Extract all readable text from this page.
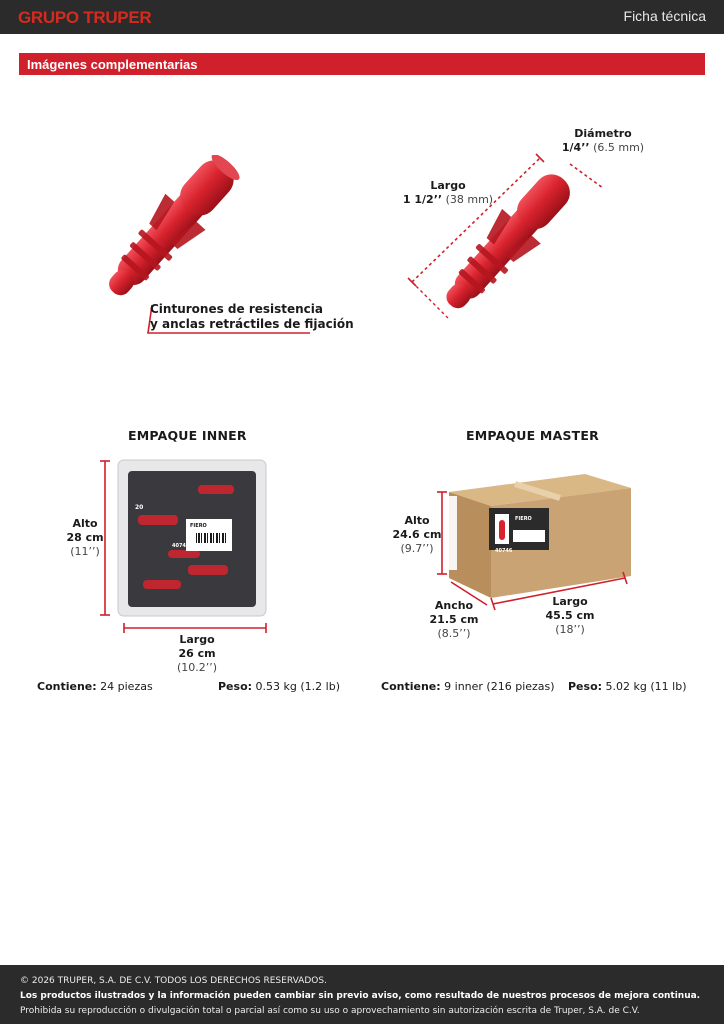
GRUPO TRUPER	Ficha técnica
Imágenes complementarias
Cinturones de resistencia
y anclas retráctiles de fijación
Diámetro
1/4’’ (6.5 mm)
Largo
1 1/2’’ (38 mm)
EMPAQUE INNER
FIERO
40746
20
Alto
28 cm
(11’’)
Largo
26 cm
(10.2’’)
Contiene: 24 piezas	Peso: 0.53 kg (1.2 lb)
EMPAQUE MASTER
FIERO
40746
Alto
24.6 cm
(9.7’’)
Ancho
21.5 cm
(8.5’’)
Largo
45.5 cm
(18’’)
Contiene: 9 inner (216 piezas) Peso: 5.02 kg (11 lb)
© 2026 TRUPER, S.A. DE C.V. TODOS LOS DERECHOS RESERVADOS.
Los productos ilustrados y la información pueden cambiar sin previo aviso, como resultado de nuestros procesos de mejora continua.
Prohibida su reproducción o divulgación total o parcial así como su uso o aprovechamiento sin autorización escrita de Truper, S.A. de C.V.
